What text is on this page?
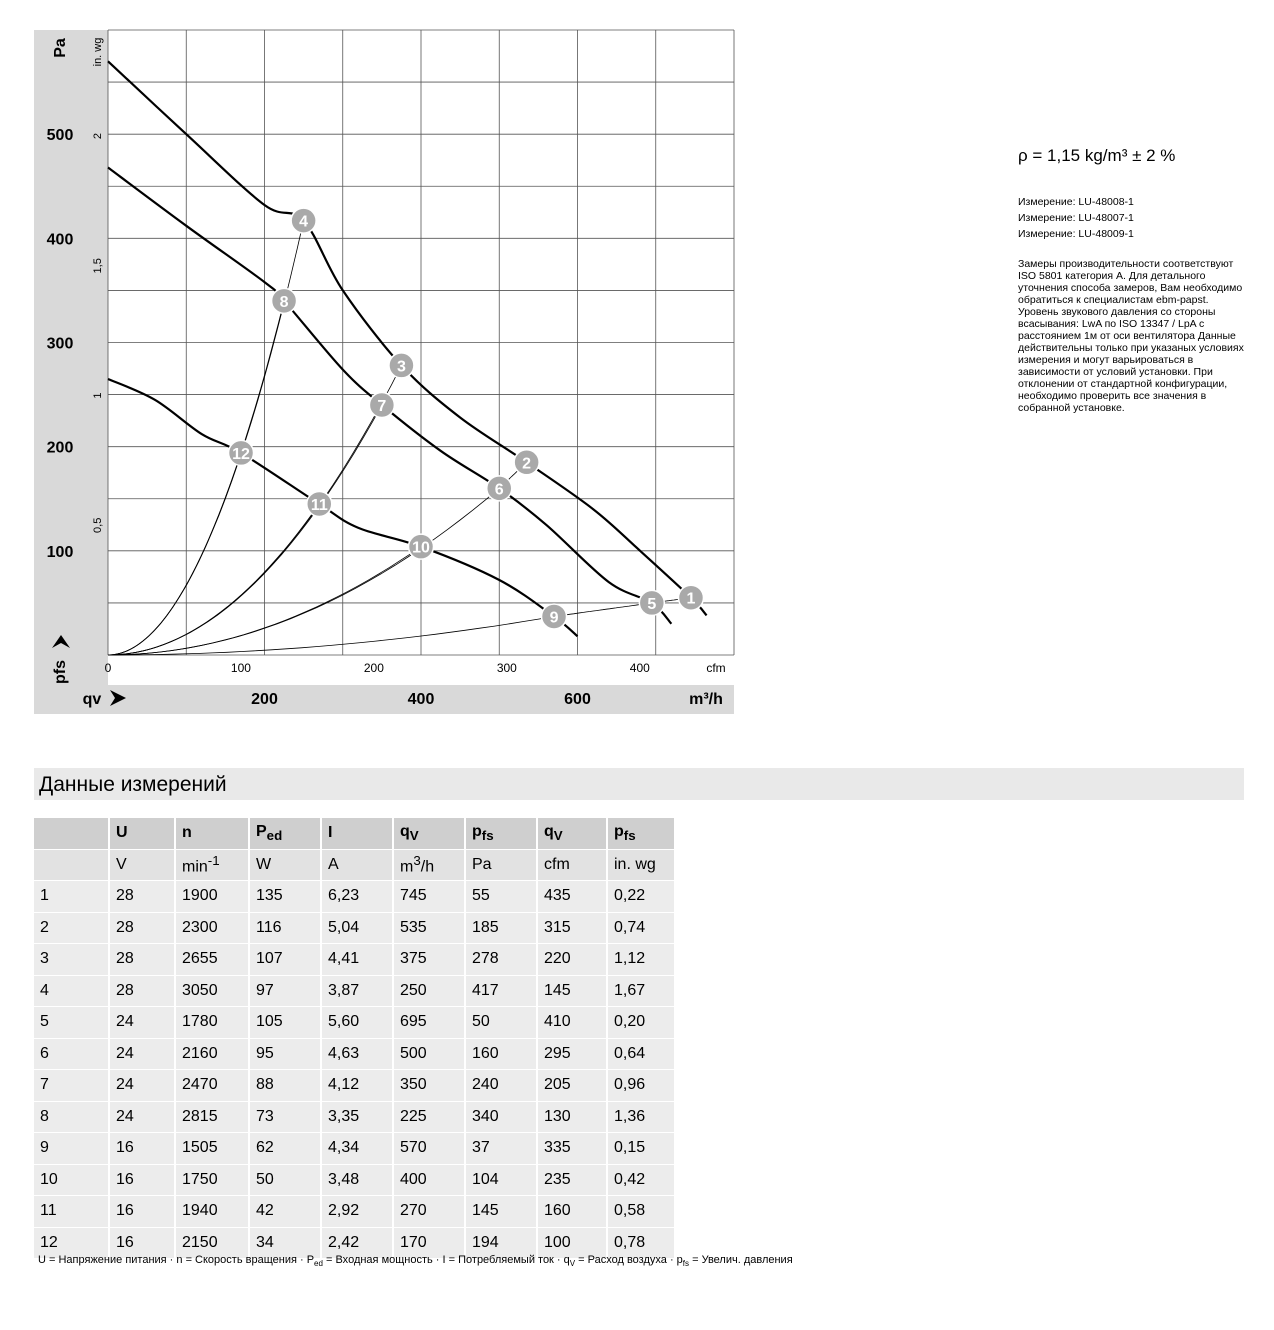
1
2
3
4
5
6
7
8
9
10
11
12
100
200
300
400
500
0,5
1
1,5
2
Pa in. wg
pfs	0	100	200	300	400	cfm
200	400	600	m³/h
qv
ρ = 1,15 kg/m³ ± 2 %
Измерение: LU-48008-1
Измерение: LU-48007-1
Измерение: LU-48009-1
Замеры производительности соответствуют ISO 5801 категория A. Для детального уточнения способа замеров, Вам необходимо обратиться к специалистам ebm-papst. Уровень звукового давления со стороны всасывания: LwA по ISO 13347 / LpA с расстоянием 1м от оси вентилятора Данные действительны только при указаных условиях измерения и могут варьироваться в зависимости от условий установки. При отклонении от стандартной конфигурации, необходимо проверить все значения в собранной установке.
Данные измерений
	U	n	$P_{ed}$	I	$q_V$	$p_{fs}$	$q_V$	$p_{fs}$
	V	$\min^{-1}$	W	A	$m^3/h$	Pa	cfm	in. wg
1	28	1900	135	6,23	745	55	435	0,22
2	28	2300	116	5,04	535	185	315	0,74
3	28	2655	107	4,41	375	278	220	1,12
4	28	3050	97	3,87	250	417	145	1,67
5	24	1780	105	5,60	695	50	410	0,20
6	24	2160	95	4,63	500	160	295	0,64
7	24	2470	88	4,12	350	240	205	0,96
8	24	2815	73	3,35	225	340	130	1,36
9	16	1505	62	4,34	570	37	335	0,15
10	16	1750	50	3,48	400	104	235	0,42
11	16	1940	42	2,92	270	145	160	0,58
12	16	2150	34	2,42	170	194	100	0,78
U = Напряжение питания · n = Скорость вращения · $P_{ed}$ = Входная мощность · I = Потребляемый ток · $q_V$ = Расход воздуха · $p_{fs}$ = Увелич. давления
